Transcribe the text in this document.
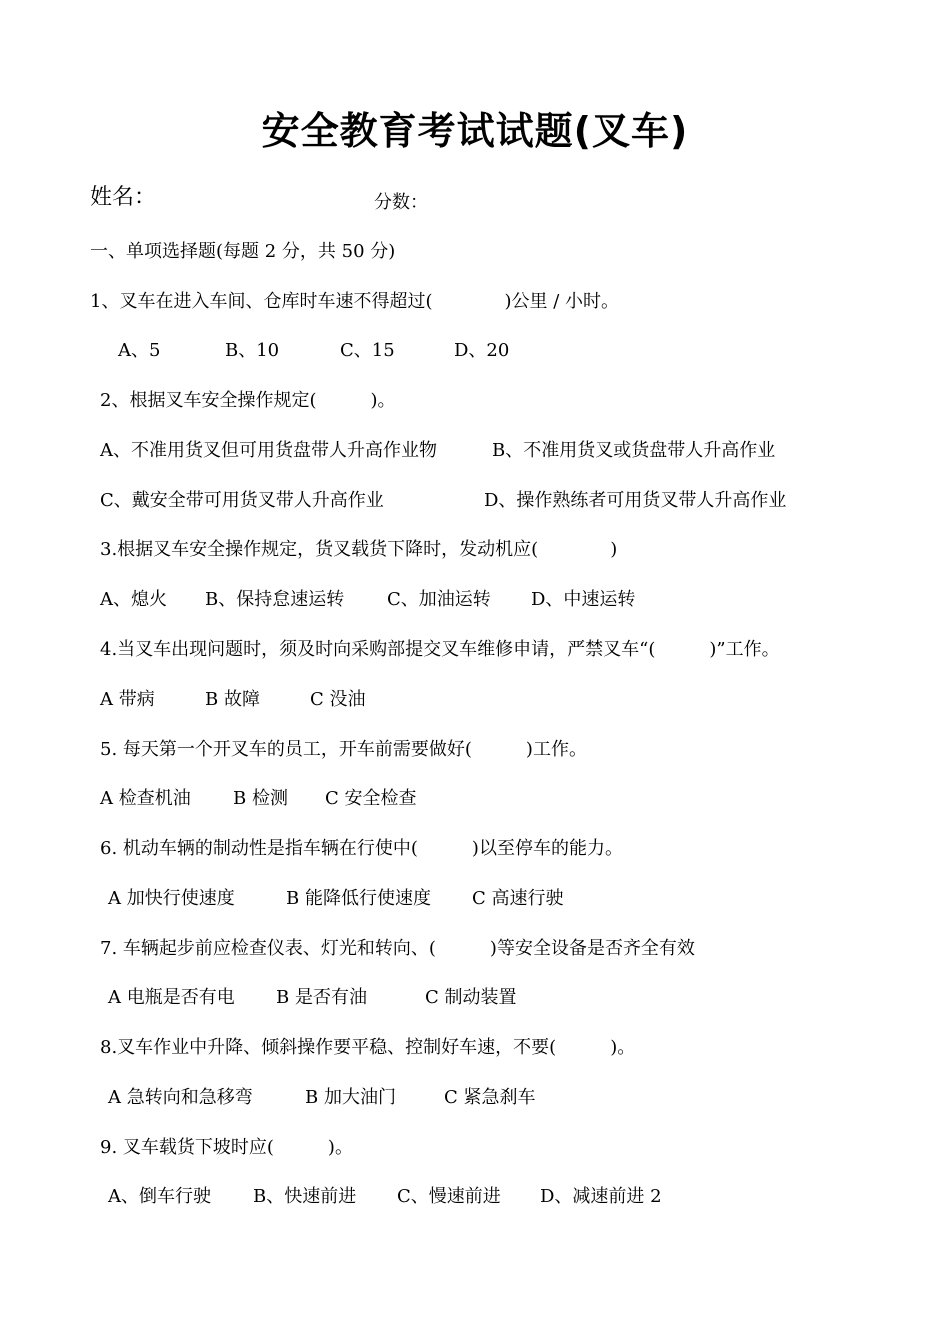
安全教育考试试题(叉车)
姓名：	分数：
一、单项选择题(每题 2 分，共 50 分)
1、叉车在进入车间、仓库时车速不得超过(　　　　)公里 / 小时。
A、5	B、10	C、15	D、20
2、根据叉车安全操作规定(　　　)。
A、不准用货叉但可用货盘带人升高作业物	B、不准用货叉或货盘带人升高作业
C、戴安全带可用货叉带人升高作业	D、操作熟练者可用货叉带人升高作业
3.根据叉车安全操作规定，货叉载货下降时，发动机应(　　　　)
A、熄火 B、保持怠速运转 C、加油运转 D、中速运转
4.当叉车出现问题时，须及时向采购部提交叉车维修申请，严禁叉车“(　　　)”工作。
A 带病	B 故障	C 没油
5. 每天第一个开叉车的员工，开车前需要做好(　　　)工作。
A 检查机油 B 检测 C 安全检查
6. 机动车辆的制动性是指车辆在行使中(　　　)以至停车的能力。
A 加快行使速度	B 能降低行使速度 C 高速行驶
7. 车辆起步前应检查仪表、灯光和转向、(　　　)等安全设备是否齐全有效
A 电瓶是否有电 B 是否有油	C 制动装置
8.叉车作业中升降、倾斜操作要平稳、控制好车速，不要(　　　)。
A 急转向和急移弯	B 加大油门	C 紧急刹车
9. 叉车载货下坡时应(　　　)。
A、倒车行驶 B、快速前进 C、慢速前进 D、减速前进 2
